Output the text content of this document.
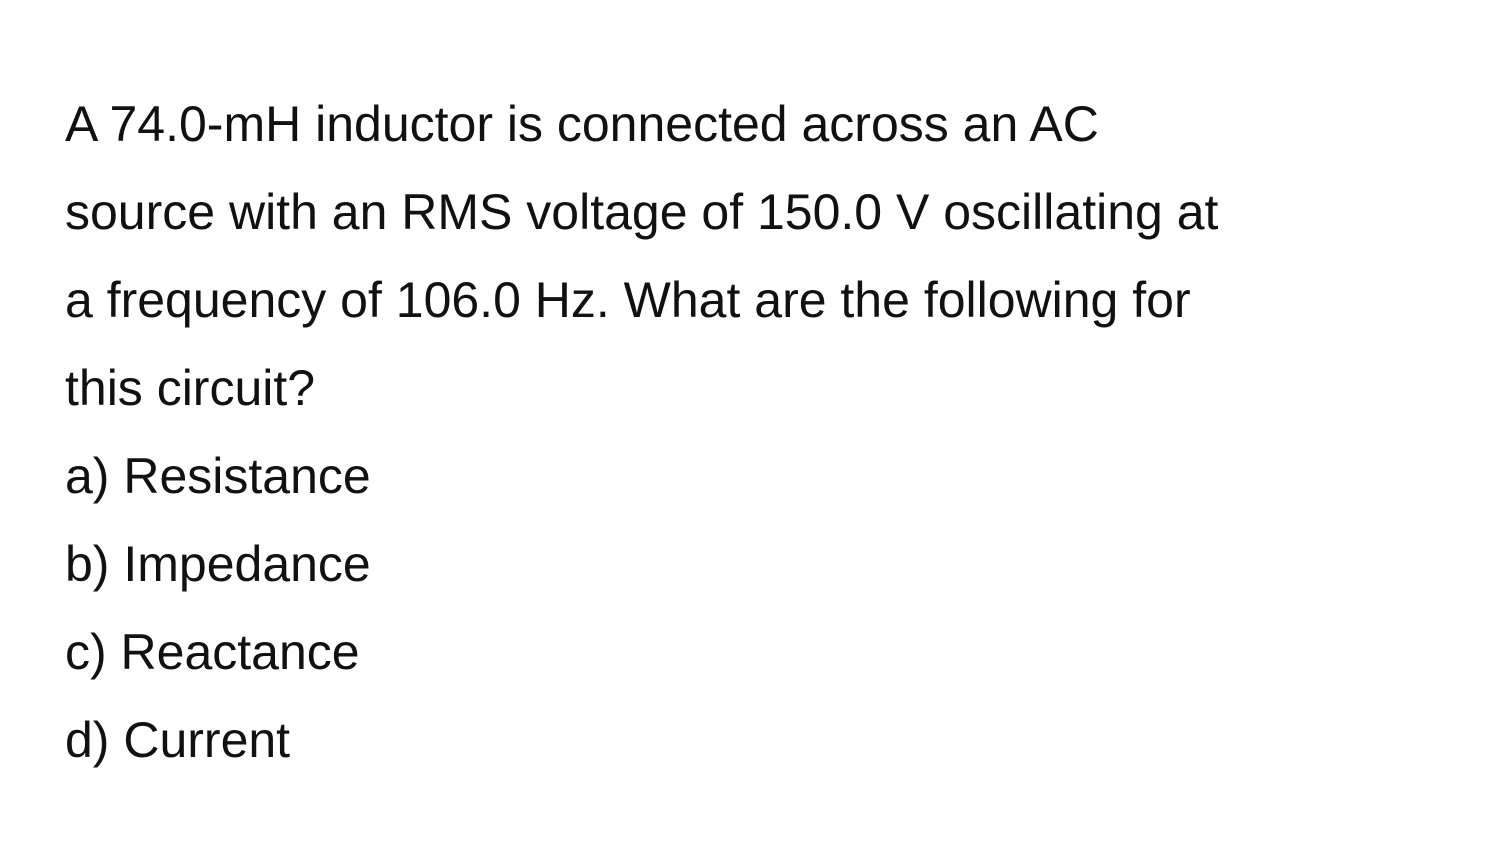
A 74.0-mH inductor is connected across an AC
source with an RMS voltage of 150.0 V oscillating at
a frequency of 106.0 Hz. What are the following for
this circuit?
a) Resistance
b) Impedance
c) Reactance
d) Current
